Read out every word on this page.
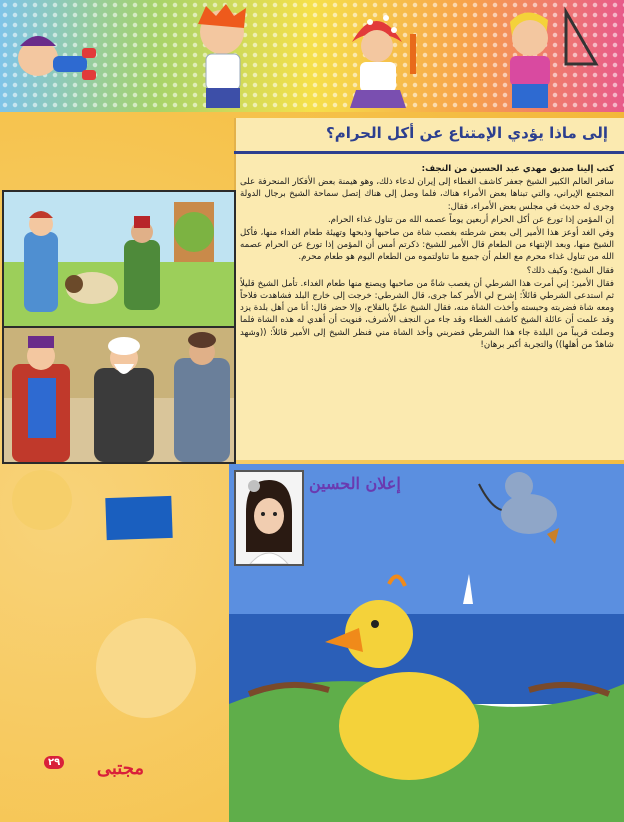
إلى ماذا يؤدي الإمتناع عن أكل الحرام؟

كتب إلينا صديق مهدي عبد الحسين من النجف:

سافر العالم الكبير الشيخ جعفر كاشف الغطاء إلى إيران لدعاء ذلك، وهو هيمنة بعض الأفكار المنحرفة على المجتمع الإيراني، والتي تبناها بعض الأمراء هناك، فلما وصل إلى هناك إتصل سماحة الشيخ برجال الدولة وجرى له حديث في مجلس بعض الأمراء، فقال:

إن المؤمن إذا تورع عن أكل الحرام أربعين يوماً عصمه الله من تناول غذاء الحرام.

وفي الغد أوعز هذا الأمير إلى بعض شرطته بغصب شاة من صاحبها وذبحها وتهيئة طعام الغداء منها، فأكل الشيخ منها، وبعد الإنتهاء من الطعام قال الأمير للشيخ: ذكرتم أمس أن المؤمن إذا تورع عن الحرام عصمه الله من تناول غذاء محرم مع العلم أن جميع ما تناولتموه من الطعام اليوم هو طعام محرم.

فقال الشيخ: وكيف ذلك؟

فقال الأمير: إني أمرت هذا الشرطي أن يغصب شاةً من صاحبها ويصنع منها طعام الغداء. تأمل الشيخ قليلاً ثم استدعى الشرطي قائلاً: إشرح لي الأمر كما جرى، قال الشرطي: خرجت إلى خارج البلد فشاهدت فلاحاً ومعه شاة فضربته وحبسته وأخذت الشاة منه، فقال الشيخ عليَّ بالفلاح، وإلا حضر قال: أنا من أهل بلدة يزد وقد علمت أن عائلة الشيخ كاشف الغطاء وقد جاء من النجف الأشرف، فنويت أن أهدي له هذه الشاة فلما وصلت قريباً من البلدة جاء هذا الشرطي فضربني وأخذ الشاة مني فنظر الشيخ إلى الأمير قائلاً: ((وشهد شاهدٌ من أهلها)) والتجربة أكبر برهان!

إعلان الحسين
٢٩ مجتبى
